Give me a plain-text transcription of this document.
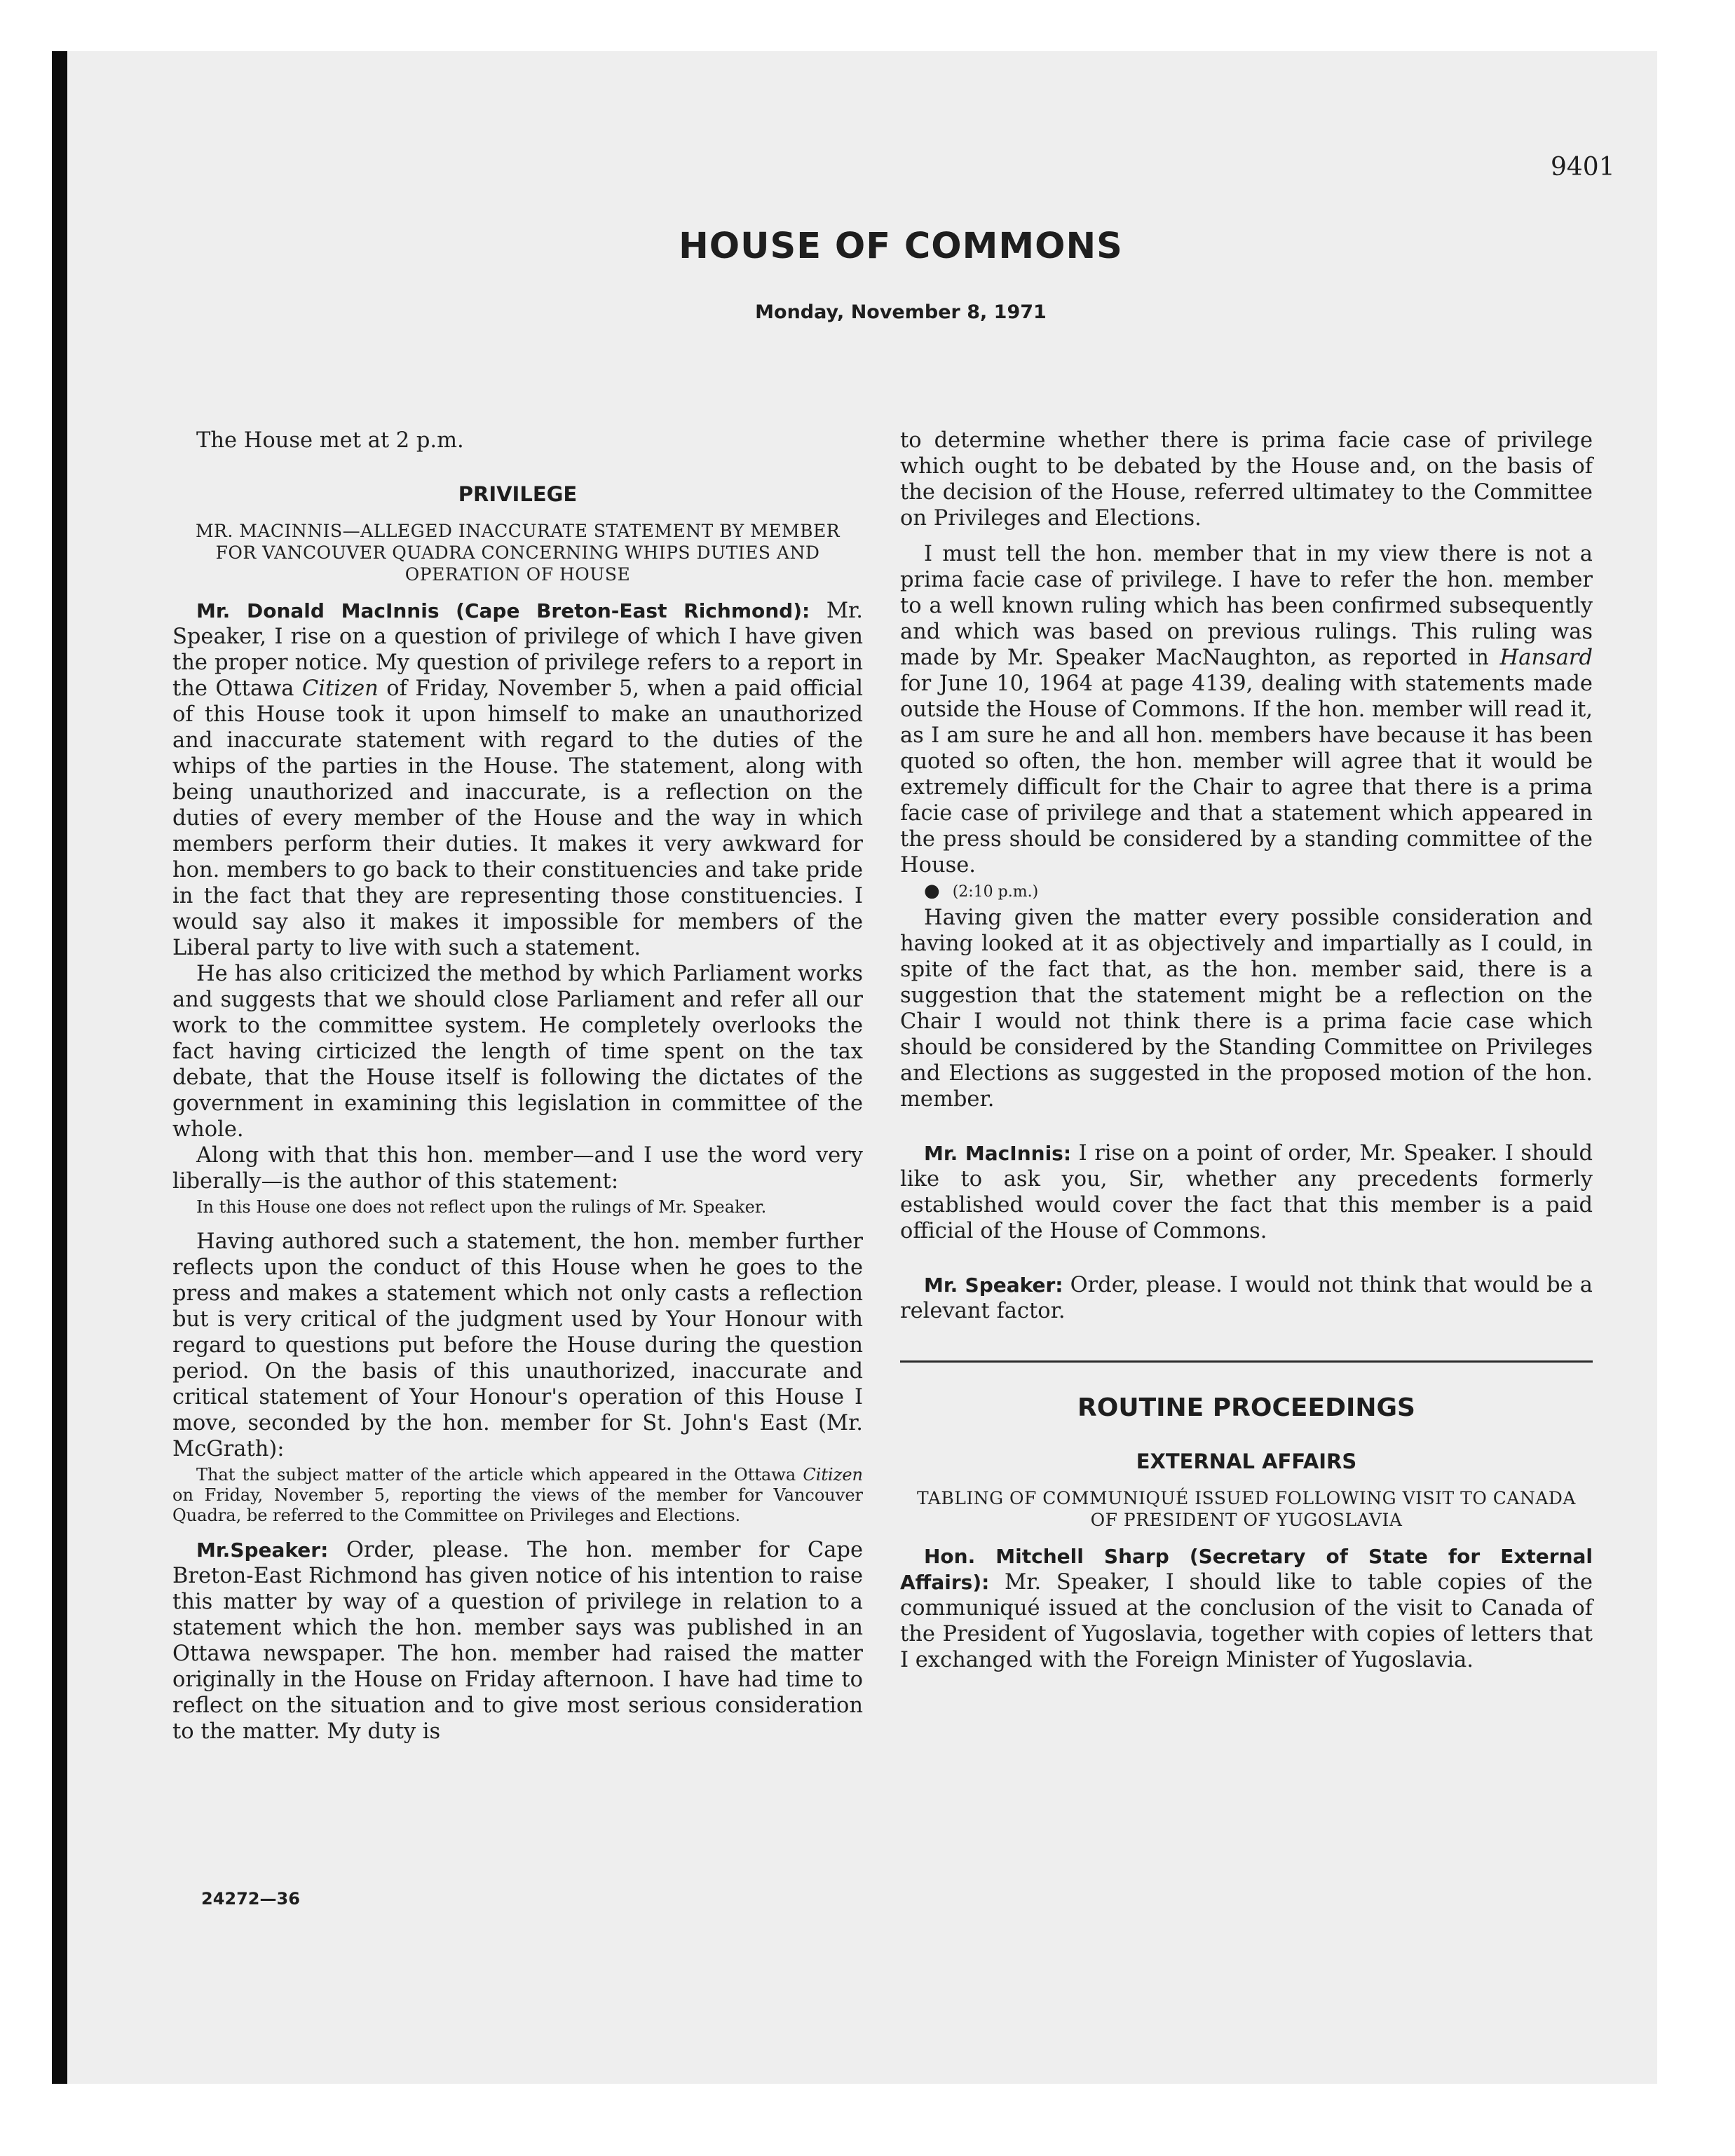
9401
HOUSE OF COMMONS
Monday, November 8, 1971

The House met at 2 p.m.

PRIVILEGE
MR. MACINNIS—ALLEGED INACCURATE STATEMENT BY MEMBER FOR VANCOUVER QUADRA CONCERNING WHIPS DUTIES AND OPERATION OF HOUSE

Mr. Donald MacInnis (Cape Breton-East Richmond): Mr. Speaker, I rise on a question of privilege of which I have given the proper notice. My question of privilege refers to a report in the Ottawa Citizen of Friday, November 5, when a paid official of this House took it upon himself to make an unauthorized and inaccurate statement with regard to the duties of the whips of the parties in the House. The statement, along with being unauthorized and inaccurate, is a reflection on the duties of every member of the House and the way in which members perform their duties. It makes it very awkward for hon. members to go back to their constituencies and take pride in the fact that they are representing those constituencies. I would say also it makes it impossible for members of the Liberal party to live with such a statement.

He has also criticized the method by which Parliament works and suggests that we should close Parliament and refer all our work to the committee system. He completely overlooks the fact having cirticized the length of time spent on the tax debate, that the House itself is following the dictates of the government in examining this legislation in committee of the whole.

Along with that this hon. member—and I use the word very liberally—is the author of this statement:

In this House one does not reflect upon the rulings of Mr. Speaker.

Having authored such a statement, the hon. member further reflects upon the conduct of this House when he goes to the press and makes a statement which not only casts a reflection but is very critical of the judgment used by Your Honour with regard to questions put before the House during the question period. On the basis of this unauthorized, inaccurate and critical statement of Your Honour's operation of this House I move, seconded by the hon. member for St. John's East (Mr. McGrath):

That the subject matter of the article which appeared in the Ottawa Citizen on Friday, November 5, reporting the views of the member for Vancouver Quadra, be referred to the Committee on Privileges and Elections.

Mr.Speaker: Order, please. The hon. member for Cape Breton-East Richmond has given notice of his intention to raise this matter by way of a question of privilege in relation to a statement which the hon. member says was published in an Ottawa newspaper. The hon. member had raised the matter originally in the House on Friday afternoon. I have had time to reflect on the situation and to give most serious consideration to the matter. My duty is

to determine whether there is prima facie case of privilege which ought to be debated by the House and, on the basis of the decision of the House, referred ultimatey to the Committee on Privileges and Elections.

I must tell the hon. member that in my view there is not a prima facie case of privilege. I have to refer the hon. member to a well known ruling which has been confirmed subsequently and which was based on previous rulings. This ruling was made by Mr. Speaker MacNaughton, as reported in Hansard for June 10, 1964 at page 4139, dealing with statements made outside the House of Commons. If the hon. member will read it, as I am sure he and all hon. members have because it has been quoted so often, the hon. member will agree that it would be extremely difficult for the Chair to agree that there is a prima facie case of privilege and that a statement which appeared in the press should be considered by a standing committee of the House.

● (2:10 p.m.)

Having given the matter every possible consideration and having looked at it as objectively and impartially as I could, in spite of the fact that, as the hon. member said, there is a suggestion that the statement might be a reflection on the Chair I would not think there is a prima facie case which should be considered by the Standing Committee on Privileges and Elections as suggested in the proposed motion of the hon. member.

Mr. MacInnis: I rise on a point of order, Mr. Speaker. I should like to ask you, Sir, whether any precedents formerly established would cover the fact that this member is a paid official of the House of Commons.

Mr. Speaker: Order, please. I would not think that would be a relevant factor.

ROUTINE PROCEEDINGS
EXTERNAL AFFAIRS
TABLING OF COMMUNIQUÉ ISSUED FOLLOWING VISIT TO CANADA OF PRESIDENT OF YUGOSLAVIA

Hon. Mitchell Sharp (Secretary of State for External Affairs): Mr. Speaker, I should like to table copies of the communiqué issued at the conclusion of the visit to Canada of the President of Yugoslavia, together with copies of letters that I exchanged with the Foreign Minister of Yugoslavia.

24272—36
